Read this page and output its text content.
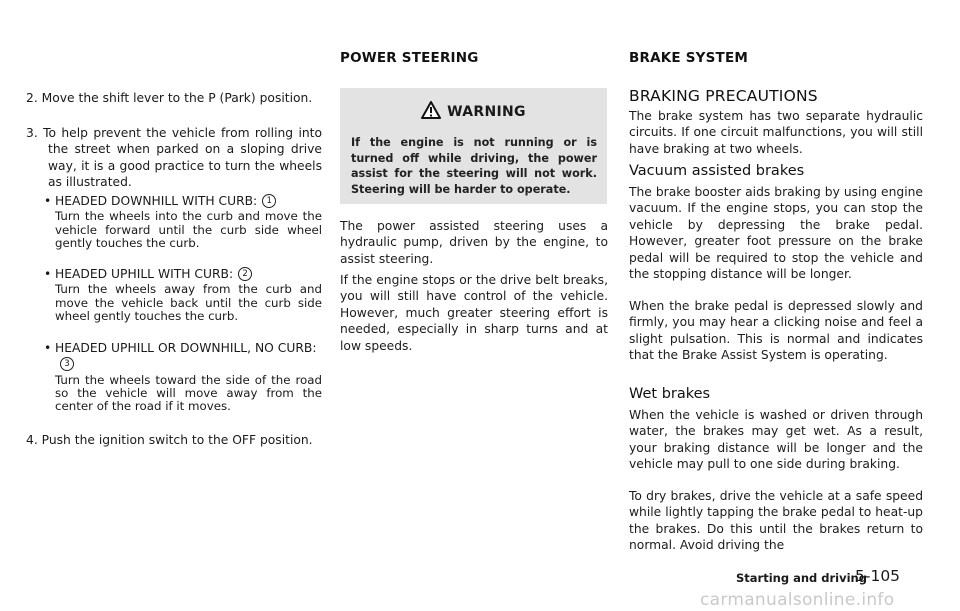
POWER STEERING	BRAKE SYSTEM
2. Move the shift lever to the P (Park) position.
3. To help prevent the vehicle from rolling into the street when parked on a sloping drive way, it is a good practice to turn the wheels as illustrated.
• HEADED DOWNHILL WITH CURB: 1
Turn the wheels into the curb and move the vehicle forward until the curb side wheel gently touches the curb.
• HEADED UPHILL WITH CURB: 2
Turn the wheels away from the curb and move the vehicle back until the curb side wheel gently touches the curb.
• HEADED UPHILL OR DOWNHILL, NO CURB:3
Turn the wheels toward the side of the road so the vehicle will move away from the center of the road if it moves.
4. Push the ignition switch to the OFF position.
WARNING
If the engine is not running or is turned off while driving, the power assist for the steering will not work. Steering will be harder to operate.

The power assisted steering uses a hydraulic pump, driven by the engine, to assist steering.

If the engine stops or the drive belt breaks, you will still have control of the vehicle. However, much greater steering effort is needed, especially in sharp turns and at low speeds.

BRAKING PRECAUTIONS

The brake system has two separate hydraulic circuits. If one circuit malfunctions, you will still have braking at two wheels.

Vacuum assisted brakes

The brake booster aids braking by using engine vacuum. If the engine stops, you can stop the vehicle by depressing the brake pedal. However, greater foot pressure on the brake pedal will be required to stop the vehicle and the stopping distance will be longer.

When the brake pedal is depressed slowly and firmly, you may hear a clicking noise and feel a slight pulsation. This is normal and indicates that the Brake Assist System is operating.

Wet brakes

When the vehicle is washed or driven through water, the brakes may get wet. As a result, your braking distance will be longer and the vehicle may pull to one side during braking.

To dry brakes, drive the vehicle at a safe speed while lightly tapping the brake pedal to heat-up the brakes. Do this until the brakes return to normal. Avoid driving the

Starting and driving
5-105
carmanualsonline.info
